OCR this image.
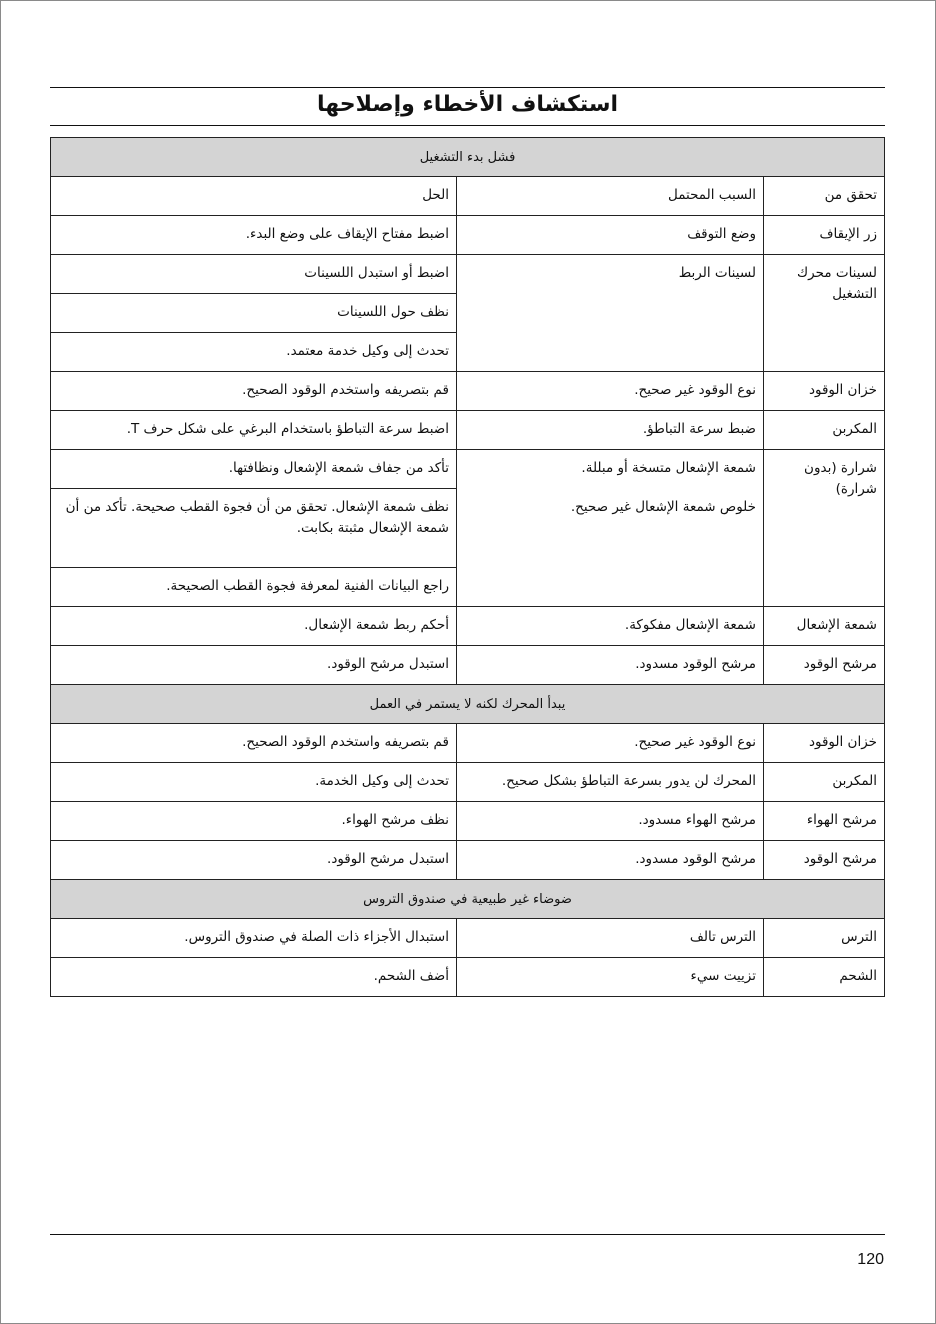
استكشاف الأخطاء وإصلاحها
فشل بدء التشغيل		
تحقق من	السبب المحتمل	الحل
زر الإيقاف	وضع التوقف	اضبط مفتاح الإيقاف على وضع البدء.
لسينات محرك التشغيل	لسينات الربط	اضبط أو استبدل اللسينات
		نظف حول اللسينات
		تحدث إلى وكيل خدمة معتمد.
خزان الوقود	نوع الوقود غير صحيح.	قم بتصريفه واستخدم الوقود الصحيح.
المكربن	ضبط سرعة التباطؤ.	اضبط سرعة التباطؤ باستخدام البرغي على شكل حرف T.
شرارة (بدون شرارة)	شمعة الإشعال متسخة أو مبللة.	تأكد من جفاف شمعة الإشعال ونظافتها.
	خلوص شمعة الإشعال غير صحيح.	نظف شمعة الإشعال. تحقق من أن فجوة القطب صحيحة. تأكد من أن شمعة الإشعال مثبتة بكابت.
		راجع البيانات الفنية لمعرفة فجوة القطب الصحيحة.
شمعة الإشعال	شمعة الإشعال مفكوكة.	أحكم ربط شمعة الإشعال.
مرشح الوقود	مرشح الوقود مسدود.	استبدل مرشح الوقود.
يبدأ المحرك لكنه لا يستمر في العمل		
خزان الوقود	نوع الوقود غير صحيح.	قم بتصريفه واستخدم الوقود الصحيح.
المكربن	المحرك لن يدور بسرعة التباطؤ بشكل صحيح.	تحدث إلى وكيل الخدمة.
مرشح الهواء	مرشح الهواء مسدود.	نظف مرشح الهواء.
مرشح الوقود	مرشح الوقود مسدود.	استبدل مرشح الوقود.
ضوضاء غير طبيعية في صندوق التروس		
الترس	الترس تالف	استبدال الأجزاء ذات الصلة في صندوق التروس.
الشحم	تزييت سيء	أضف الشحم.
120
